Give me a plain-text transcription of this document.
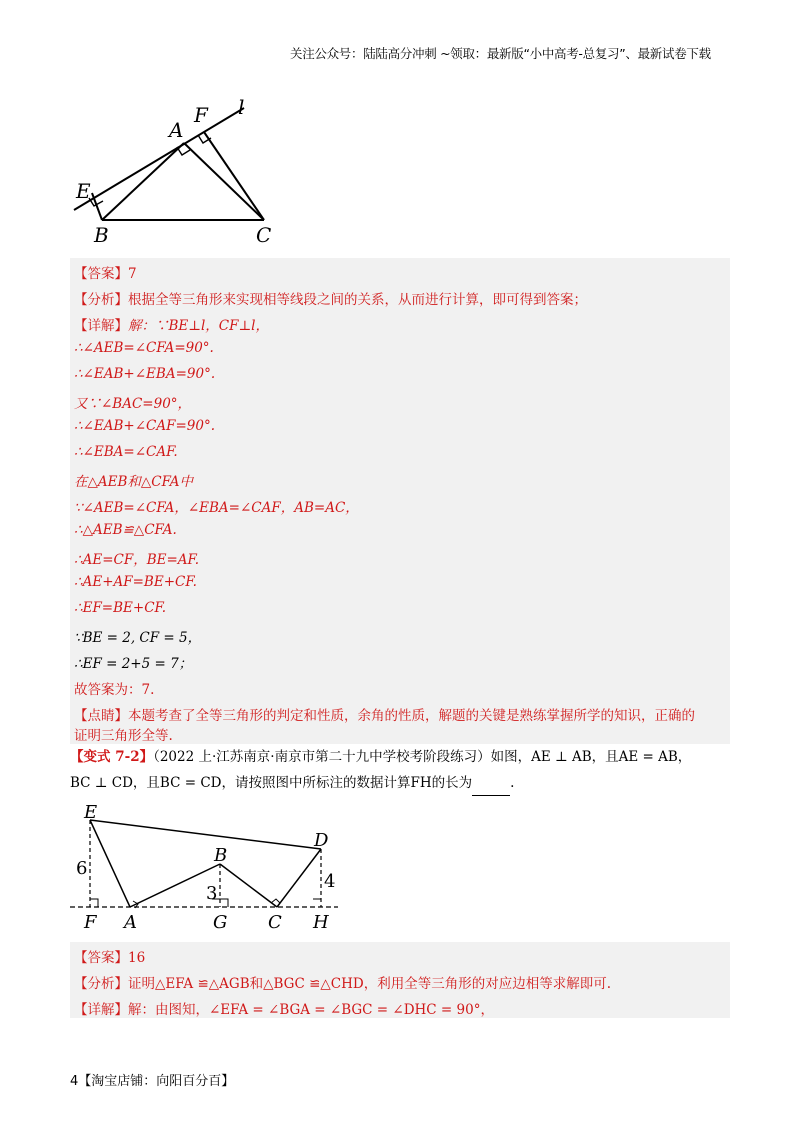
关注公众号：陆陆高分冲刺 ~领取：最新版“小中高考-总复习”、最新试卷下载
A
F l
E
B	C
【答案】7
【分析】根据全等三角形来实现相等线段之间的关系，从而进行计算，即可得到答案；
【详解】解：∵BE⊥l，CF⊥l，
∴∠AEB=∠CFA=90°.
∴∠EAB+∠EBA=90°.
又∵∠BAC=90°，
∴∠EAB+∠CAF=90°.
∴∠EBA=∠CAF.
在△AEB和△CFA中
∵∠AEB=∠CFA，∠EBA=∠CAF，AB=AC，
∴△AEB≌△CFA.
∴AE=CF，BE=AF.
∴AE+AF=BE+CF.
∴EF=BE+CF.
∵BE = 2, CF = 5，
∴EF = 2+5 = 7；
故答案为：7.
【点睛】本题考查了全等三角形的判定和性质，余角的性质，解题的关键是熟练掌握所学的知识，正确的
证明三角形全等.
【变式 7-2】（2022 上·江苏南京·南京市第二十九中学校考阶段练习）如图，AE ⊥ AB，且AE = AB，
BC ⊥ CD，且BC = CD，请按照图中所标注的数据计算FH的长为	.
E
D
B
6
3
4
F A	G C H
【答案】16
【分析】证明△EFA ≌△AGB和△BGC ≌△CHD，利用全等三角形的对应边相等求解即可.
【详解】解：由图知，∠EFA = ∠BGA = ∠BGC = ∠DHC = 90°，
4【淘宝店铺：向阳百分百】
